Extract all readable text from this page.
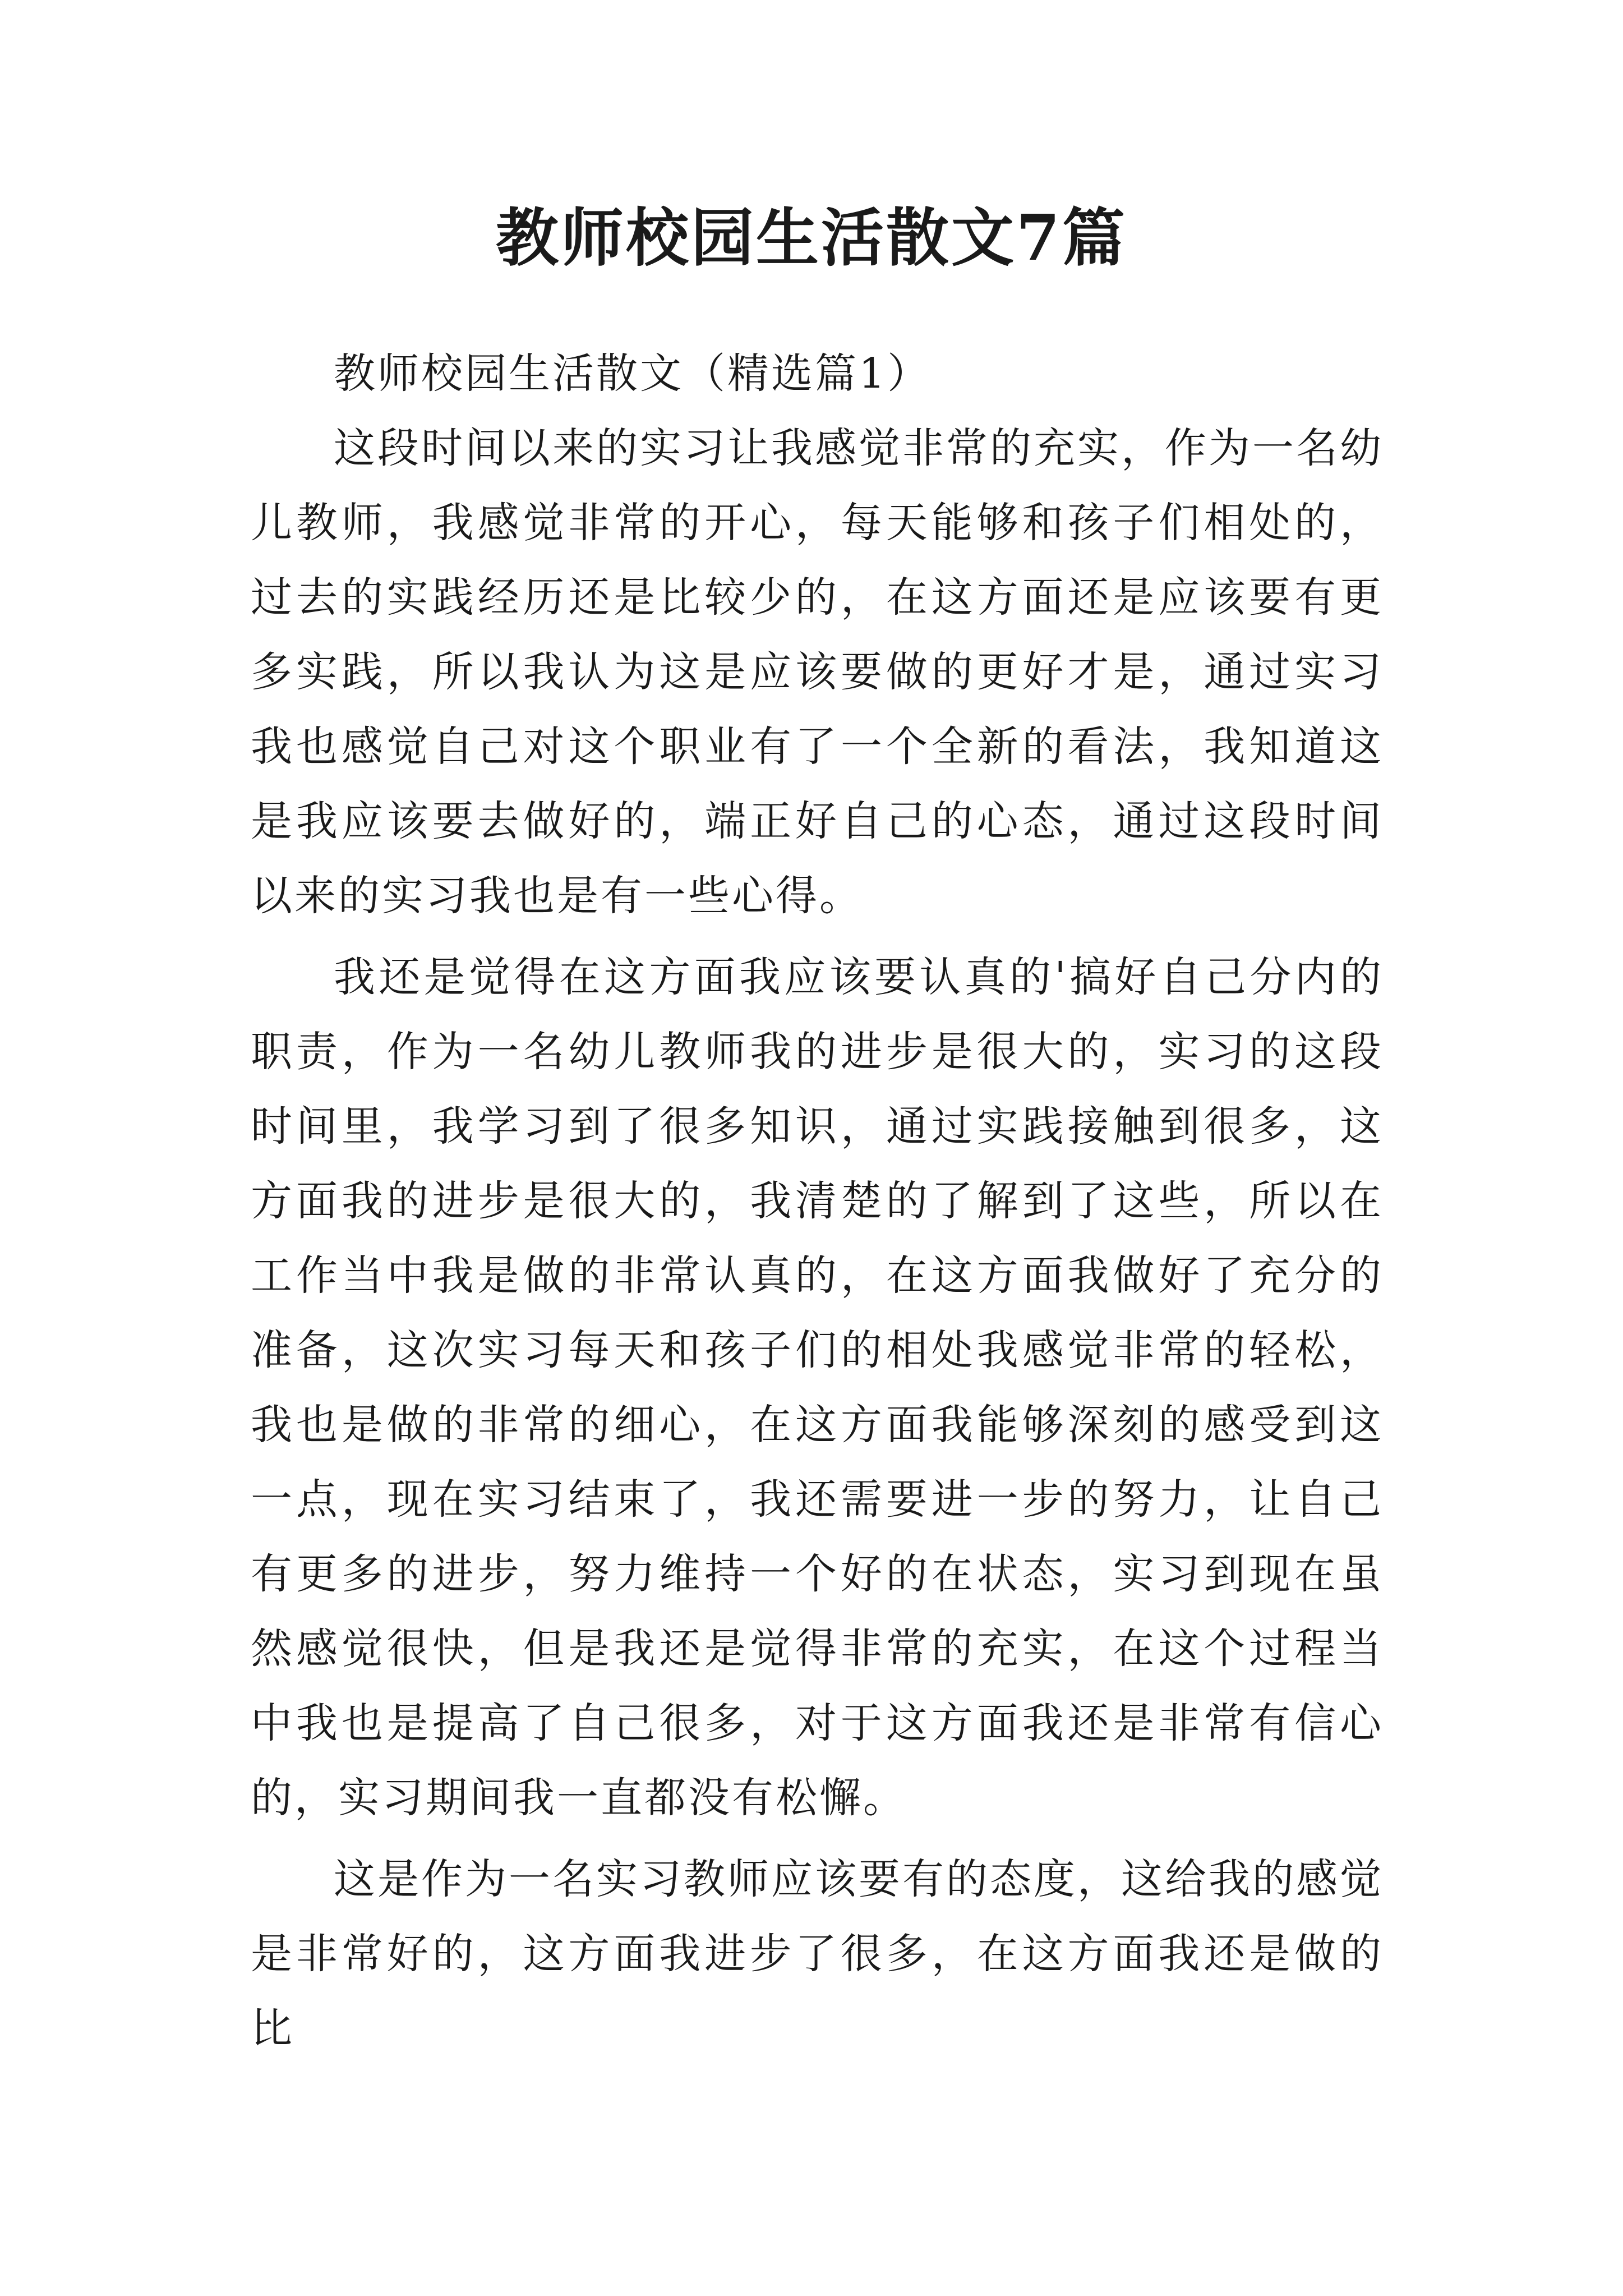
教师校园生活散文7篇

教师校园生活散文（精选篇1）

这段时间以来的实习让我感觉非常的充实，作为一名幼儿教师，我感觉非常的开心，每天能够和孩子们相处的，过去的实践经历还是比较少的，在这方面还是应该要有更多实践，所以我认为这是应该要做的更好才是，通过实习我也感觉自己对这个职业有了一个全新的看法，我知道这是我应该要去做好的，端正好自己的心态，通过这段时间以来的实习我也是有一些心得。

我还是觉得在这方面我应该要认真的'搞好自己分内的职责，作为一名幼儿教师我的进步是很大的，实习的这段时间里，我学习到了很多知识，通过实践接触到很多，这方面我的进步是很大的，我清楚的了解到了这些，所以在工作当中我是做的非常认真的，在这方面我做好了充分的准备，这次实习每天和孩子们的相处我感觉非常的轻松，我也是做的非常的细心，在这方面我能够深刻的感受到这一点，现在实习结束了，我还需要进一步的努力，让自己有更多的进步，努力维持一个好的在状态，实习到现在虽然感觉很快，但是我还是觉得非常的充实，在这个过程当中我也是提高了自己很多，对于这方面我还是非常有信心的，实习期间我一直都没有松懈。

这是作为一名实习教师应该要有的态度，这给我的感觉是非常好的，这方面我进步了很多，在这方面我还是做的比
